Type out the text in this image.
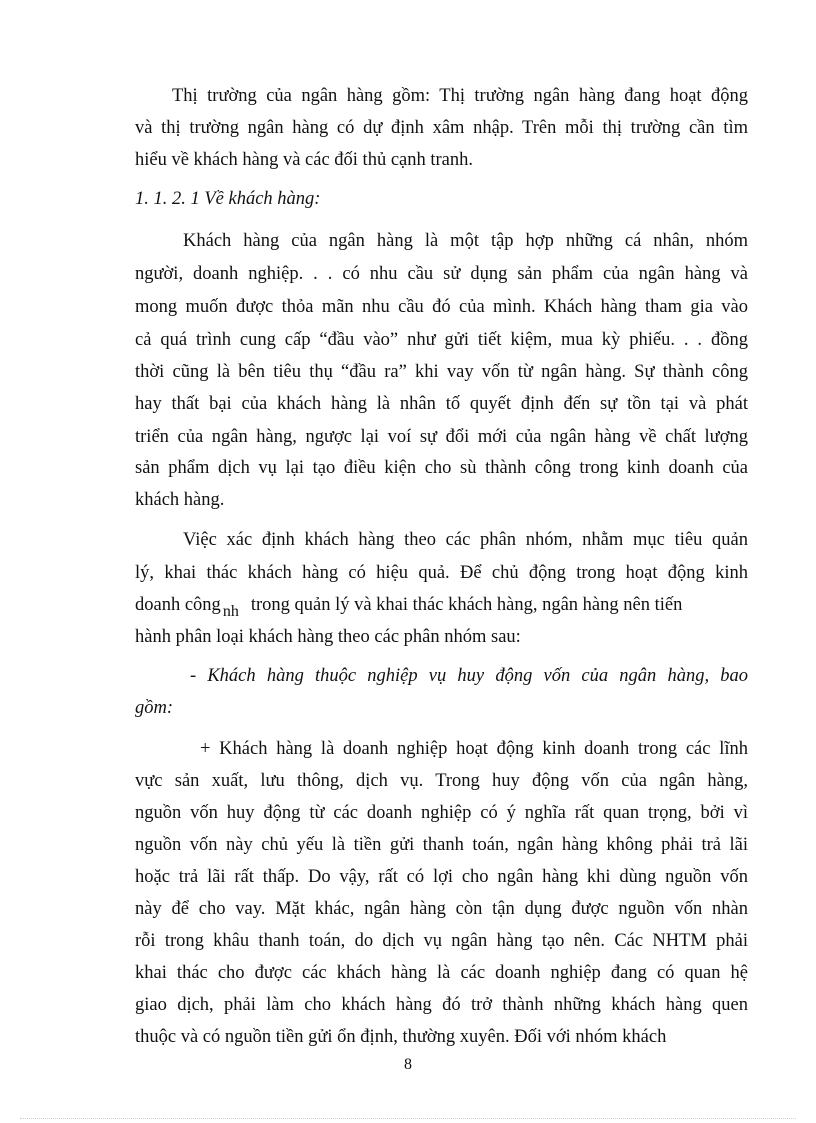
Thị trường của ngân hàng gồm: Thị trường ngân hàng đang hoạt động
và thị trường ngân hàng có dự định xâm nhập. Trên mỗi thị trường cần tìm
hiểu về khách hàng và các đối thủ cạnh tranh.
1. 1. 2. 1 Về khách hàng:
Khách hàng của ngân hàng là một tập hợp những cá nhân, nhóm
người, doanh nghiệp. . . có nhu cầu sử dụng sản phẩm của ngân hàng và
mong muốn được thỏa mãn nhu cầu đó của mình. Khách hàng tham gia vào
cả quá trình cung cấp “đầu vào” như gửi tiết kiệm, mua kỳ phiếu. . . đồng
thời cũng là bên tiêu thụ “đầu ra” khi vay vốn từ ngân hàng. Sự thành công
hay thất bại của khách hàng là nhân tố quyết định đến sự tồn tại và phát
triển của ngân hàng, ngược lại voí sự đổi mới của ngân hàng về chất lượng
sản phẩm dịch vụ lại tạo điều kiện cho sù thành công trong kinh doanh của
khách hàng.
Việc xác định khách hàng theo các phân nhóm, nhằm mục tiêu quản
lý, khai thác khách hàng có hiệu quả. Để chủ động trong hoạt động kinh
doanh công nh trong quản lý và khai thác khách hàng, ngân hàng nên tiến
hành phân loại khách hàng theo các phân nhóm sau:
- Khách hàng thuộc nghiệp vụ huy động vốn của ngân hàng, bao
gồm:
+ Khách hàng là doanh nghiệp hoạt động kinh doanh trong các lĩnh
vực sản xuất, lưu thông, dịch vụ. Trong huy động vốn của ngân hàng,
nguồn vốn huy động từ các doanh nghiệp có ý nghĩa rất quan trọng, bởi vì
nguồn vốn này chủ yếu là tiền gửi thanh toán, ngân hàng không phải trả lãi
hoặc trả lãi rất thấp. Do vậy, rất có lợi cho ngân hàng khi dùng nguồn vốn
này để cho vay. Mặt khác, ngân hàng còn tận dụng được nguồn vốn nhàn
rỗi trong khâu thanh toán, do dịch vụ ngân hàng tạo nên. Các NHTM phải
khai thác cho được các khách hàng là các doanh nghiệp đang có quan hệ
giao dịch, phải làm cho khách hàng đó trở thành những khách hàng quen
thuộc và có nguồn tiền gửi ổn định, thường xuyên. Đối với nhóm khách
8
